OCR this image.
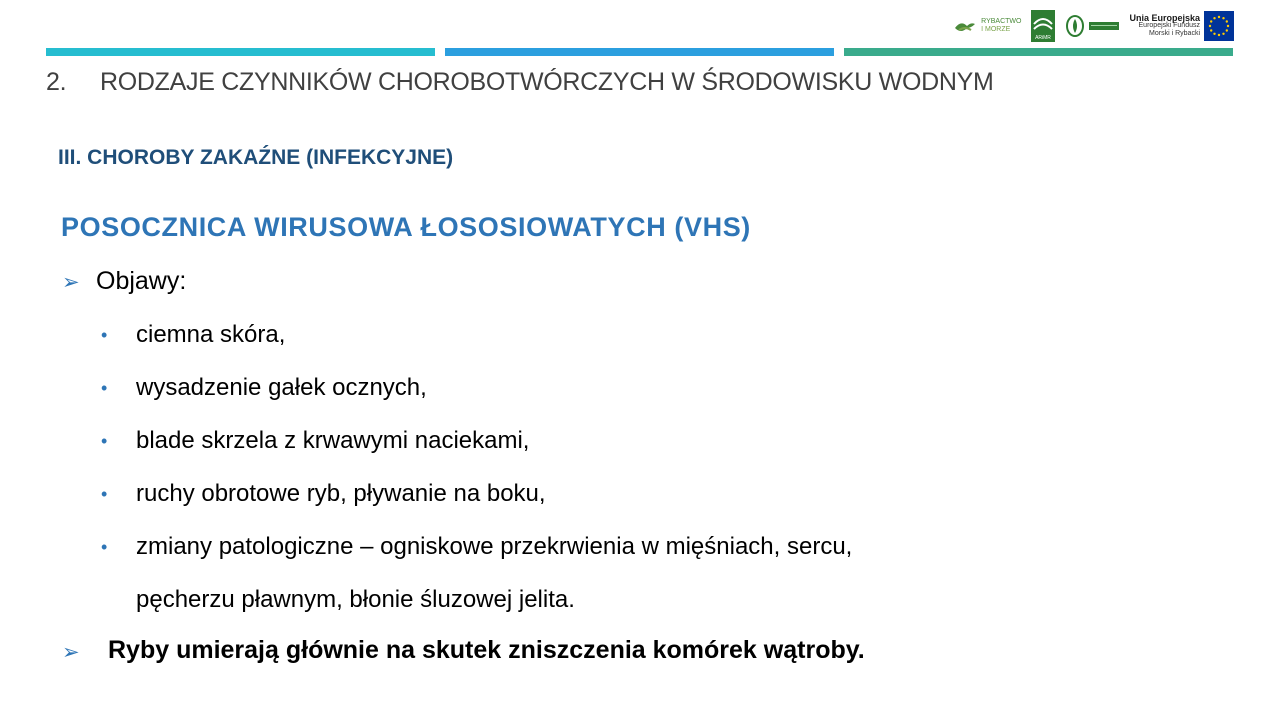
RYBACTWO
I MORZE
ARiMR
Unia Europejska
Europejski Fundusz
Morski i Rybacki
2. RODZAJE CZYNNIKÓW CHOROBOTWÓRCZYCH W ŚRODOWISKU WODNYM
III. CHOROBY ZAKAŹNE (INFEKCYJNE)
POSOCZNICA WIRUSOWA ŁOSOSIOWATYCH (VHS)
➢ Objawy:
• ciemna skóra,
• wysadzenie gałek ocznych,
• blade skrzela z krwawymi naciekami,
• ruchy obrotowe ryb, pływanie na boku,
• zmiany patologiczne – ogniskowe przekrwienia w mięśniach, sercu,
pęcherzu pławnym, błonie śluzowej jelita.
➢ Ryby umierają głównie na skutek zniszczenia komórek wątroby.
